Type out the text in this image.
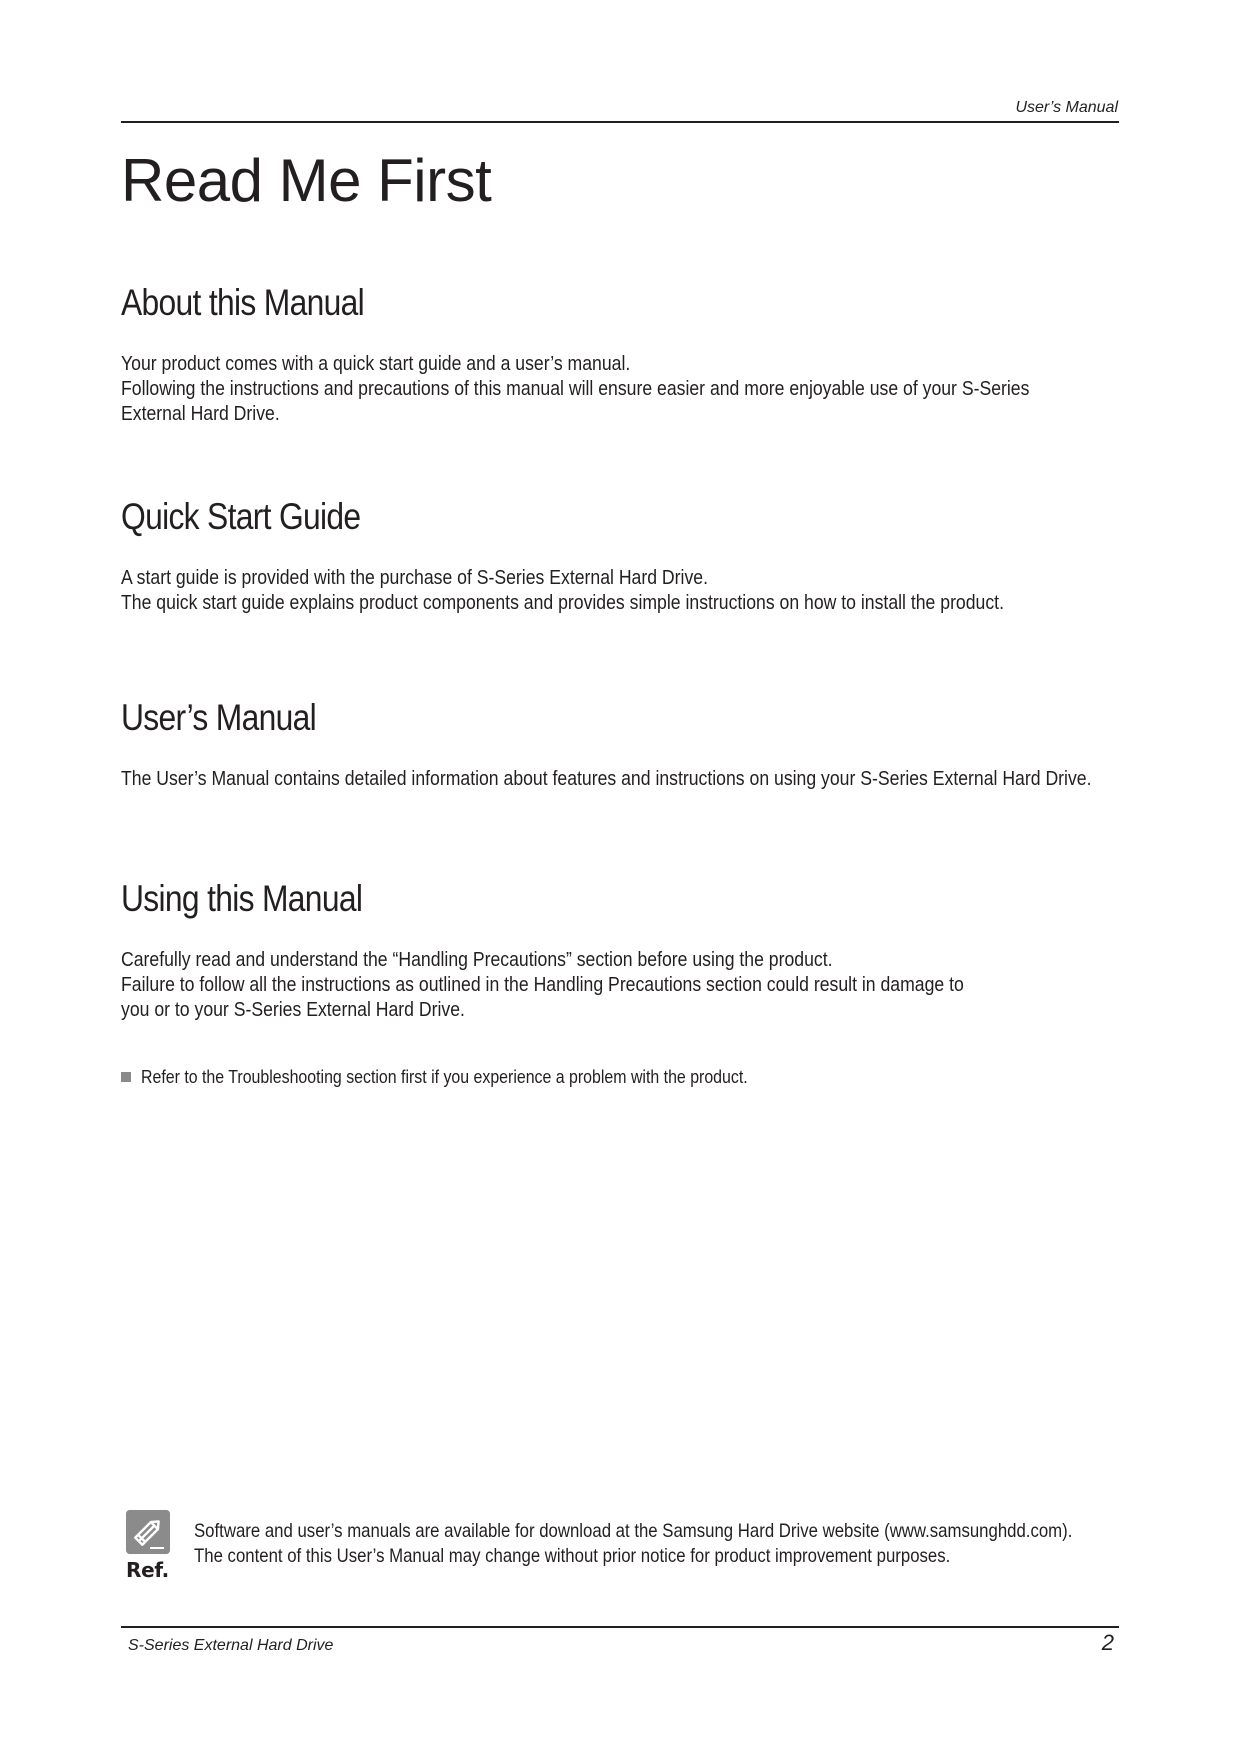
User’s Manual
Read Me First
About this Manual

Your product comes with a quick start guide and a user’s manual.
Following the instructions and precautions of this manual will ensure easier and more enjoyable use of your S-Series
External Hard Drive.

Quick Start Guide

A start guide is provided with the purchase of S-Series External Hard Drive.
The quick start guide explains product components and provides simple instructions on how to install the product.

User’s Manual

The User’s Manual contains detailed information about features and instructions on using your S-Series External Hard Drive.

Using this Manual

Carefully read and understand the “Handling Precautions” section before using the product.
Failure to follow all the instructions as outlined in the Handling Precautions section could result in damage to
you or to your S-Series External Hard Drive.

Refer to the Troubleshooting section first if you experience a problem with the product.
Ref.
Software and user’s manuals are available for download at the Samsung Hard Drive website (www.samsunghdd.com).
The content of this User’s Manual may change without prior notice for product improvement purposes.
S-Series External Hard Drive	2
